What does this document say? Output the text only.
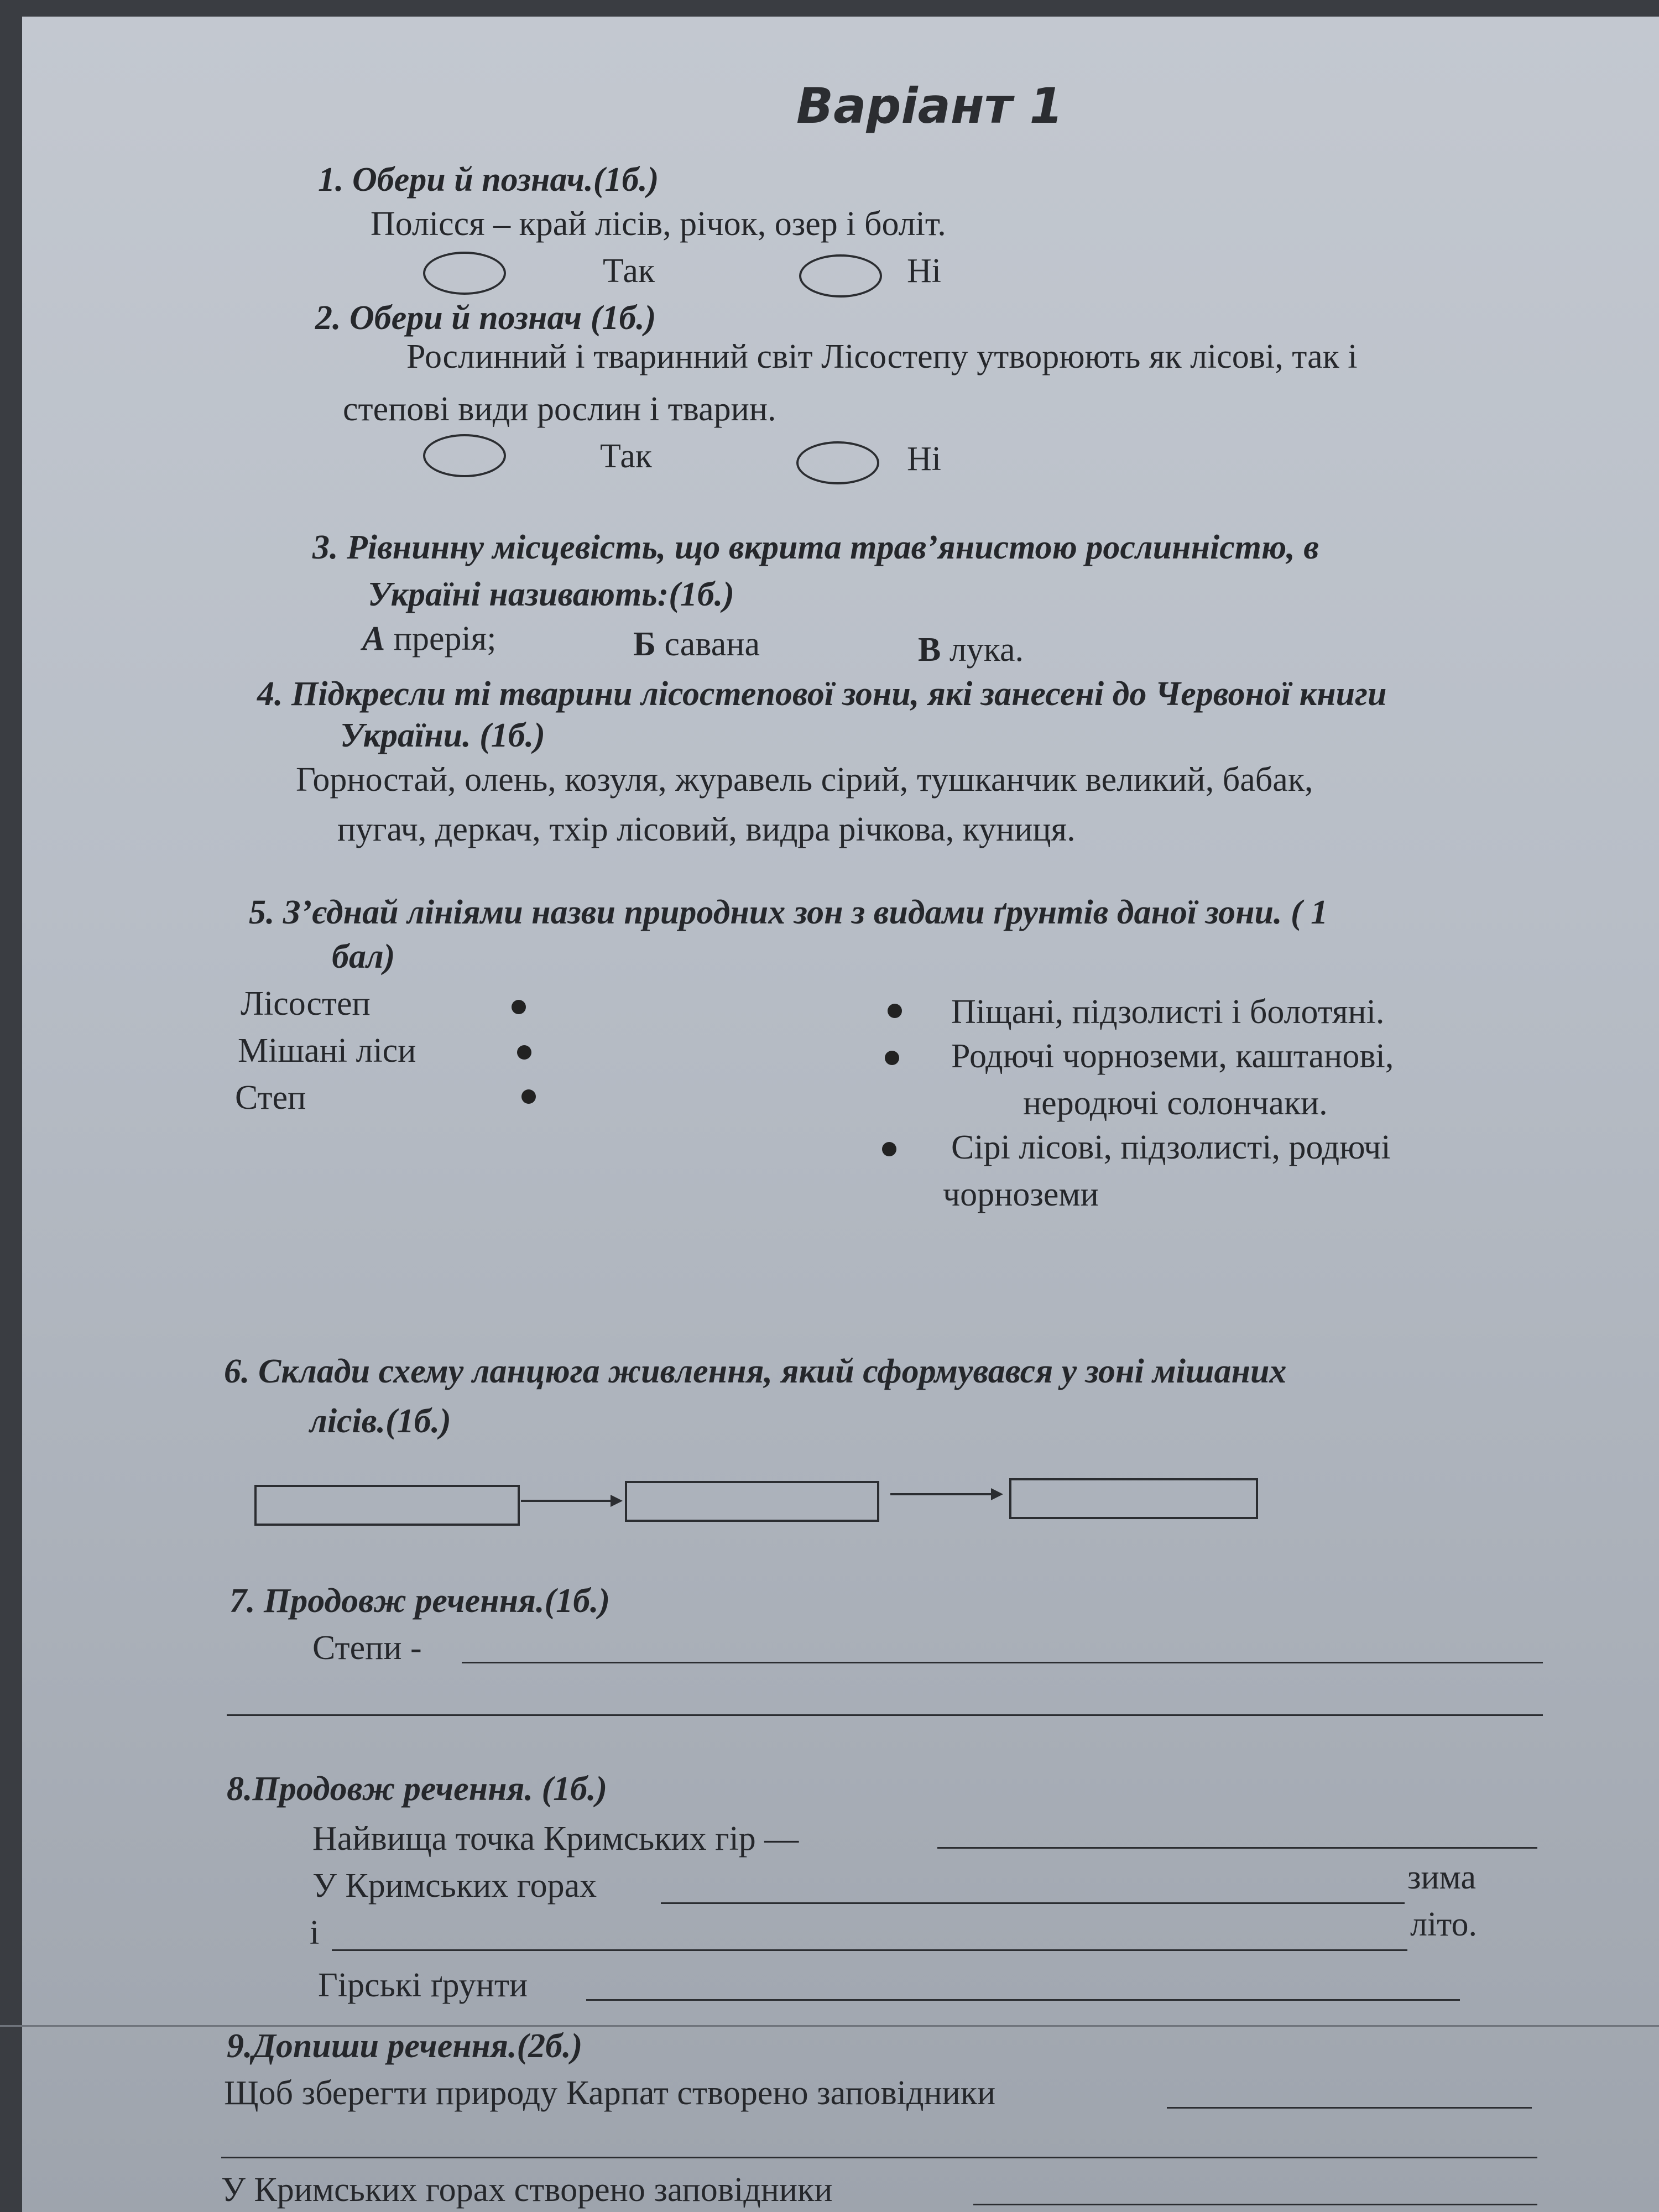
Варіант 1
1. Обери й познач.(1б.)
Полісся – край лісів, річок, озер і боліт.
Так	Ні
2. Обери й познач (1б.)
Рослинний і тваринний світ Лісостепу утворюють як лісові, так і
степові види рослин і тварин.
Так	Ні
3. Рівнинну місцевість, що вкрита трав’янистою рослинністю, в
Україні називають:(1б.)
А прерія;	Б савана	В лука.
4. Підкресли ті тварини лісостепової зони, які занесені до Червоної книги
України. (1б.)
Горностай, олень, козуля, журавель сірий, тушканчик великий, бабак,
пугач, деркач, тхір лісовий, видра річкова, куниця.
5. З’єднай лініями назви природних зон з видами ґрунтів даної зони. ( 1
бал)
Лісостеп
Мішані ліси
Степ
Піщані, підзолисті і болотяні.
Родючі чорноземи, каштанові,
неродючі солончаки.
Сірі лісові, підзолисті, родючі
чорноземи
6. Склади схему ланцюга живлення, який сформувався у зоні мішаних
лісів.(1б.)
7. Продовж речення.(1б.)
Степи -
8.Продовж речення. (1б.)
Найвища точка Кримських гір —
У Кримських горах	зима
і	літо.
Гірські ґрунти
9.Допиши речення.(2б.)
Щоб зберегти природу Карпат створено заповідники
У Кримських горах створено заповідники
